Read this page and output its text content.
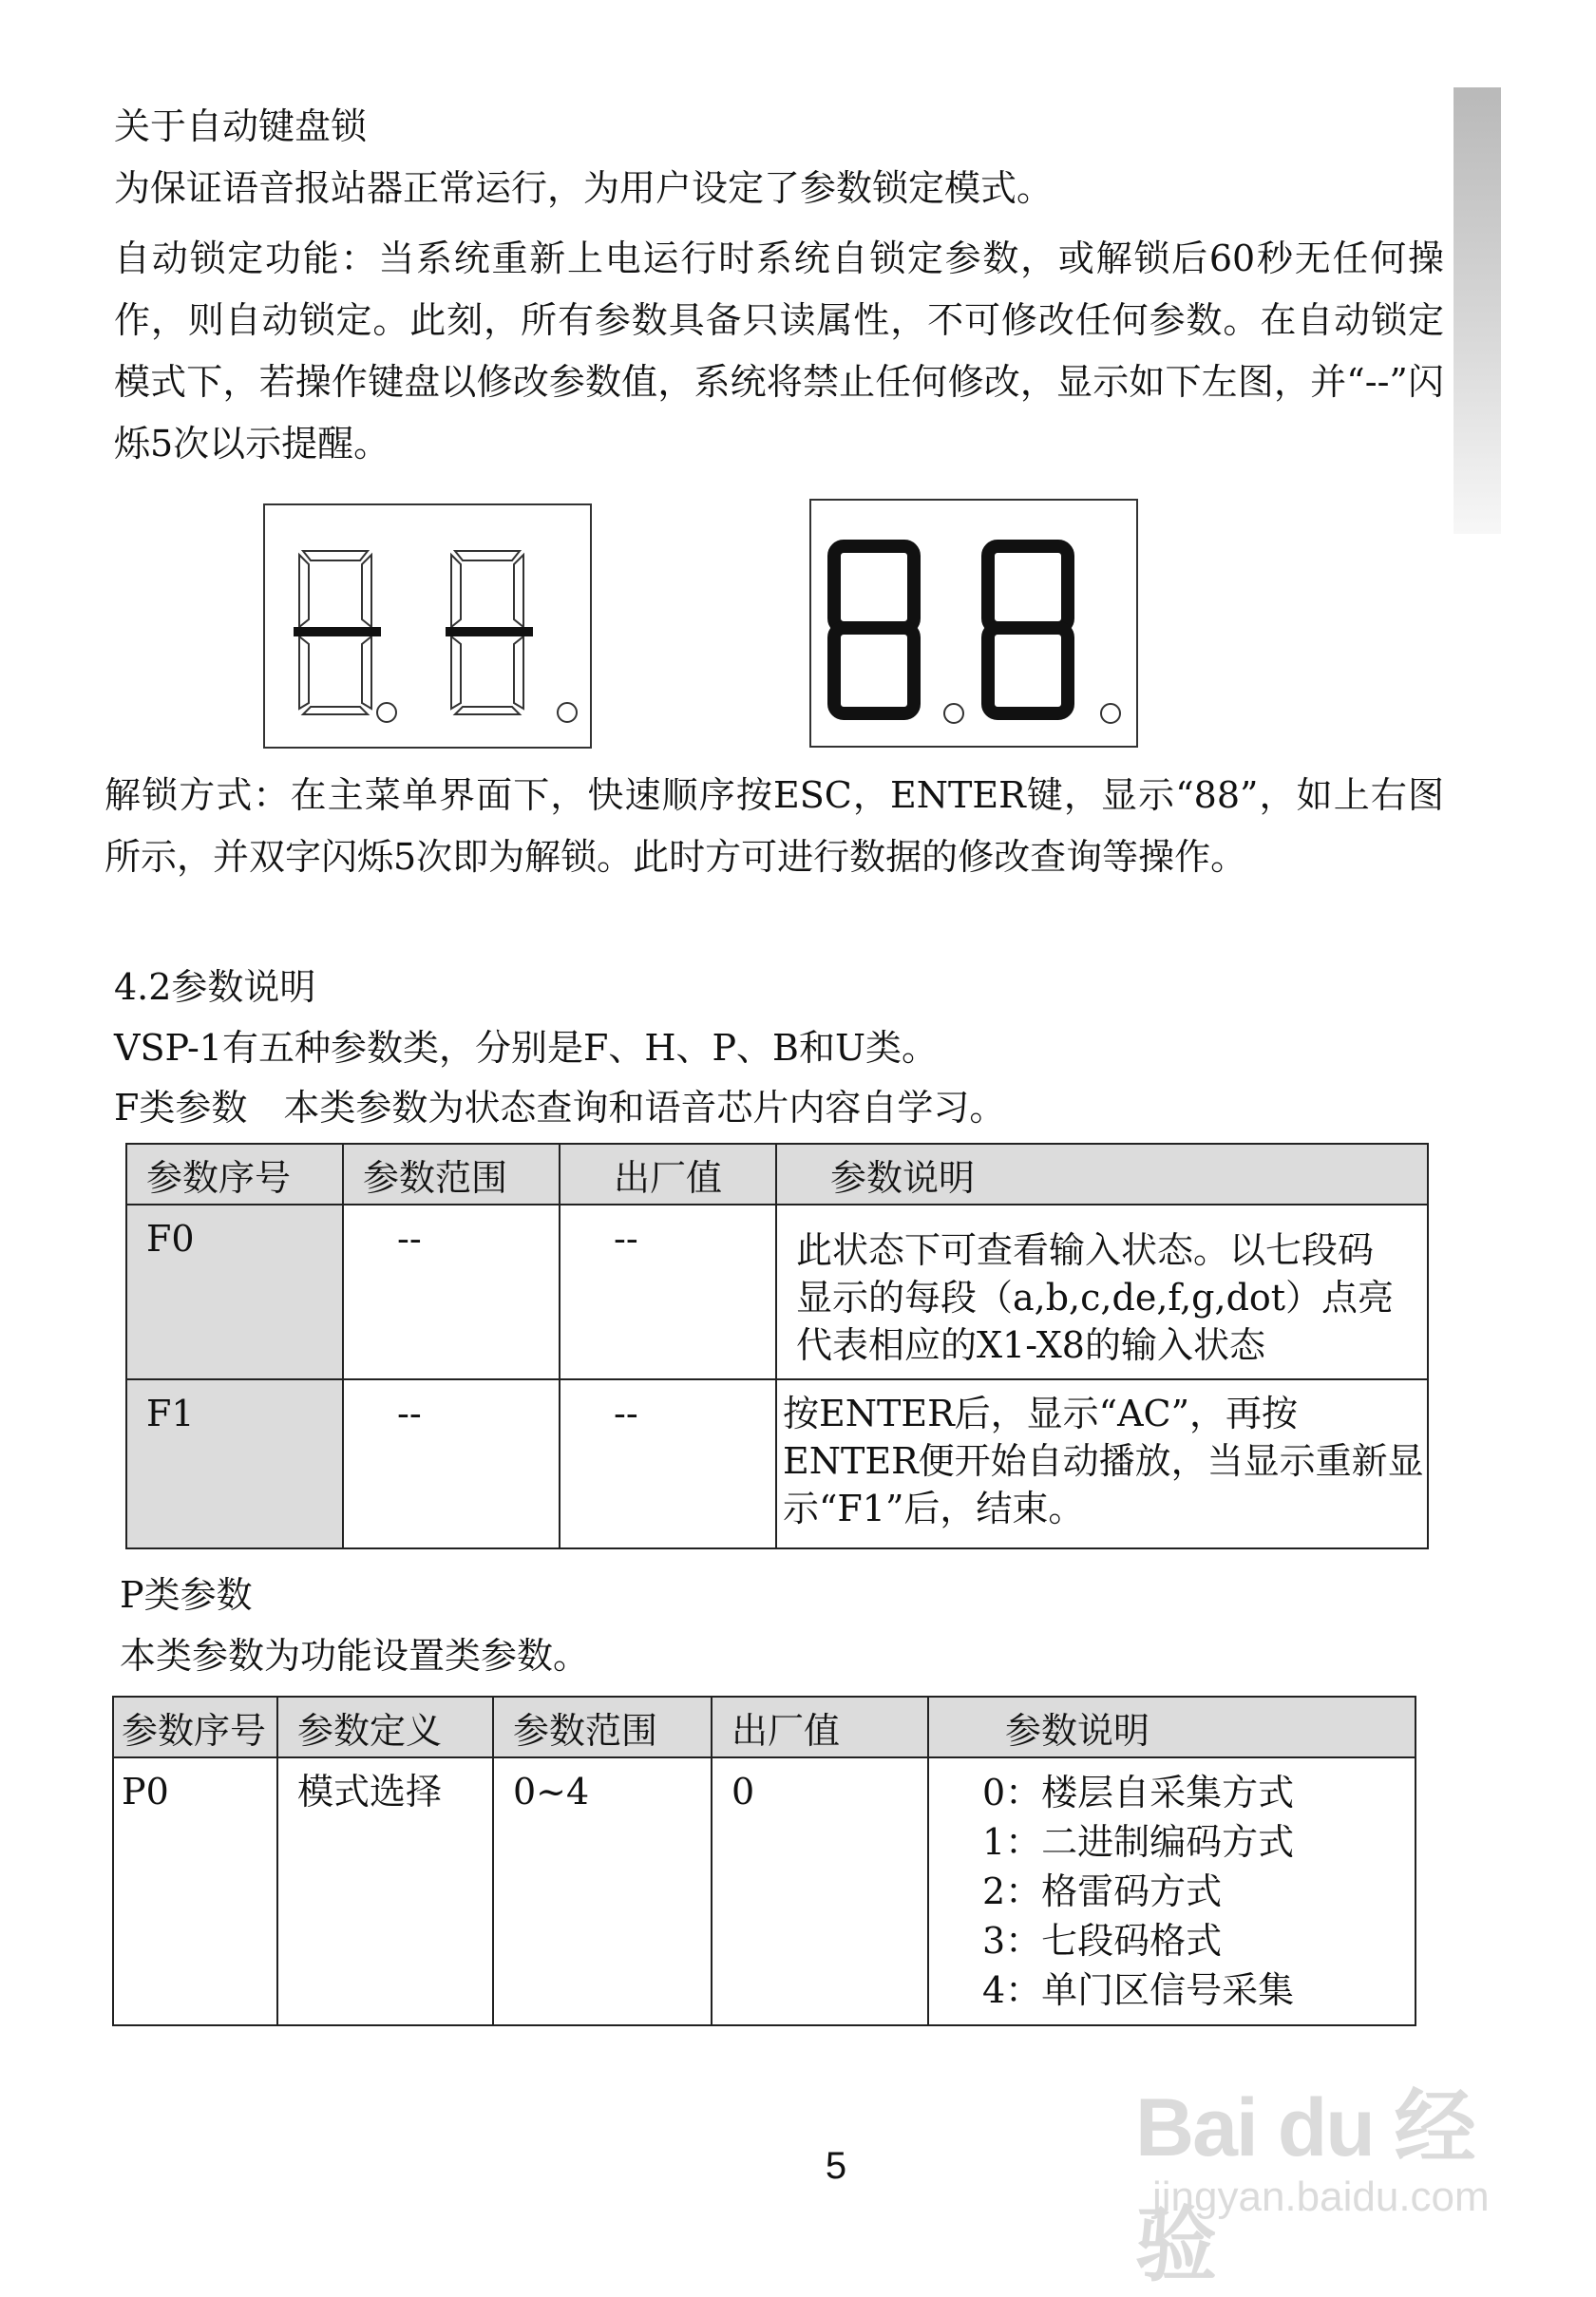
关于自动键盘锁
为保证语音报站器正常运行，为用户设定了参数锁定模式。
自动锁定功能：当系统重新上电运行时系统自锁定参数，或解锁后60秒无任何操作，则自动锁定。此刻，所有参数具备只读属性，不可修改任何参数。在自动锁定模式下，若操作键盘以修改参数值，系统将禁止任何修改，显示如下左图，并“--”闪烁5次以示提醒。
解锁方式：在主菜单界面下，快速顺序按ESC，ENTER键，显示“88”，如上右图所示，并双字闪烁5次即为解锁。此时方可进行数据的修改查询等操作。
4.2参数说明
VSP-1有五种参数类，分别是F、H、P、B和U类。
F类参数　本类参数为状态查询和语音芯片内容自学习。
参数序号	参数范围	出厂值	参数说明
F0	--	--	此状态下可查看输入状态。以七段码显示的每段（a,b,c,de,f,g,dot）点亮代表相应的X1-X8的输入状态
F1	--	--	按ENTER后，显示“AC”，再按ENTER便开始自动播放，当显示重新显示“F1”后，结束。
P类参数
本类参数为功能设置类参数。
参数序号	参数定义	参数范围	出厂值	参数说明
P0	模式选择	0~4	0	0：楼层自采集方式
1：二进制编码方式
2：格雷码方式
3：七段码格式
4：单门区信号采集
5	Bai du 经验
jingyan.baidu.com
